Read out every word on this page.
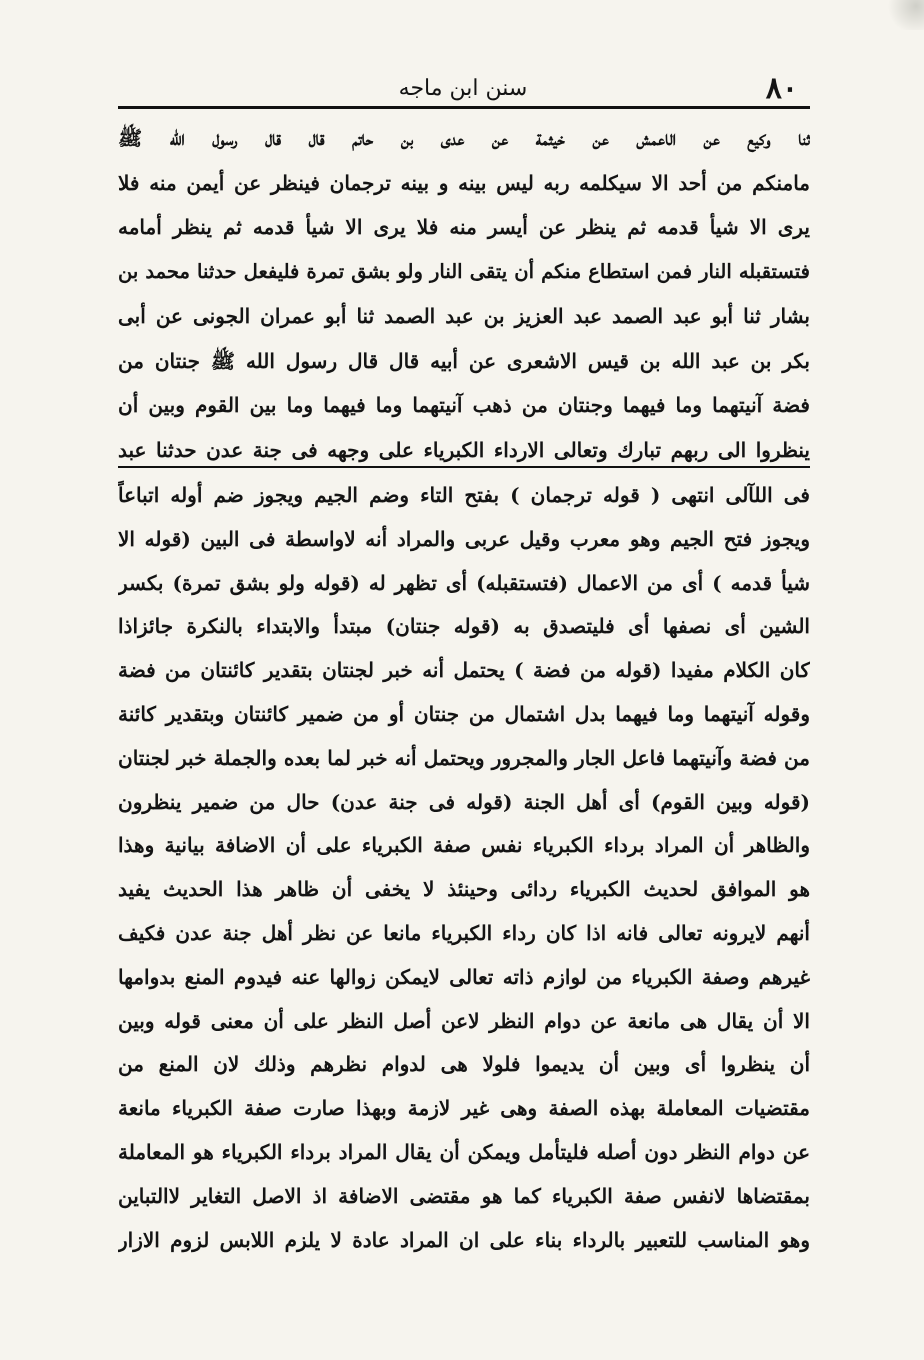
٨٠
سنن ابن ماجه
ثنا وكيع عن الاعمش عن خيثمة عن عدى بن حاتم قال قال رسول الله ﷺ
مامنكم من أحد الا سيكلمه ربه ليس بينه و بينه ترجمان فينظر عن أيمن منه فلا
يرى الا شيأ قدمه ثم ينظر عن أيسر منه فلا يرى الا شيأ قدمه ثم ينظر أمامه
فتستقبله النار فمن استطاع منكم أن يتقى النار ولو بشق تمرة فليفعل حدثنا محمد بن
بشار ثنا أبو عبد الصمد عبد العزيز بن عبد الصمد ثنا أبو عمران الجونى عن أبى
بكر بن عبد الله بن قيس الاشعرى عن أبيه قال قال رسول الله ﷺ جنتان من
فضة آنيتهما وما فيهما وجنتان من ذهب آنيتهما وما فيهما وما بين القوم وبين أن
ينظروا الى ربهم تبارك وتعالى الارداء الكبرياء على وجهه فى جنة عدن حدثنا عبد
فى اللآلى انتهى ( قوله ترجمان ) بفتح التاء وضم الجيم ويجوز ضم أوله اتباعاً
ويجوز فتح الجيم وهو معرب وقيل عربى والمراد أنه لاواسطة فى البين (قوله الا
شيأ قدمه ) أى من الاعمال (فتستقبله) أى تظهر له (قوله ولو بشق تمرة) بكسر
الشين أى نصفها أى فليتصدق به (قوله جنتان) مبتدأ والابتداء بالنكرة جائزاذا
كان الكلام مفيدا (قوله من فضة ) يحتمل أنه خبر لجنتان بتقدير كائنتان من فضة
وقوله آنيتهما وما فيهما بدل اشتمال من جنتان أو من ضمير كائنتان وبتقدير كائنة
من فضة وآنيتهما فاعل الجار والمجرور ويحتمل أنه خبر لما بعده والجملة خبر لجنتان
(قوله وبين القوم) أى أهل الجنة (قوله فى جنة عدن) حال من ضمير ينظرون
والظاهر أن المراد برداء الكبرياء نفس صفة الكبرياء على أن الاضافة بيانية وهذا
هو الموافق لحديث الكبرياء ردائى وحينئذ لا يخفى أن ظاهر هذا الحديث يفيد
أنهم لايرونه تعالى فانه اذا كان رداء الكبرياء مانعا عن نظر أهل جنة عدن فكيف
غيرهم وصفة الكبرياء من لوازم ذاته تعالى لايمكن زوالها عنه فيدوم المنع بدوامها
الا أن يقال هى مانعة عن دوام النظر لاعن أصل النظر على أن معنى قوله وبين
أن ينظروا أى وبين أن يديموا فلولا هى لدوام نظرهم وذلك لان المنع من
مقتضيات المعاملة بهذه الصفة وهى غير لازمة وبهذا صارت صفة الكبرياء مانعة
عن دوام النظر دون أصله فليتأمل ويمكن أن يقال المراد برداء الكبرياء هو المعاملة
بمقتضاها لانفس صفة الكبرياء كما هو مقتضى الاضافة اذ الاصل التغاير لاالتباين
وهو المناسب للتعبير بالرداء بناء على ان المراد عادة لا يلزم اللابس لزوم الازار
